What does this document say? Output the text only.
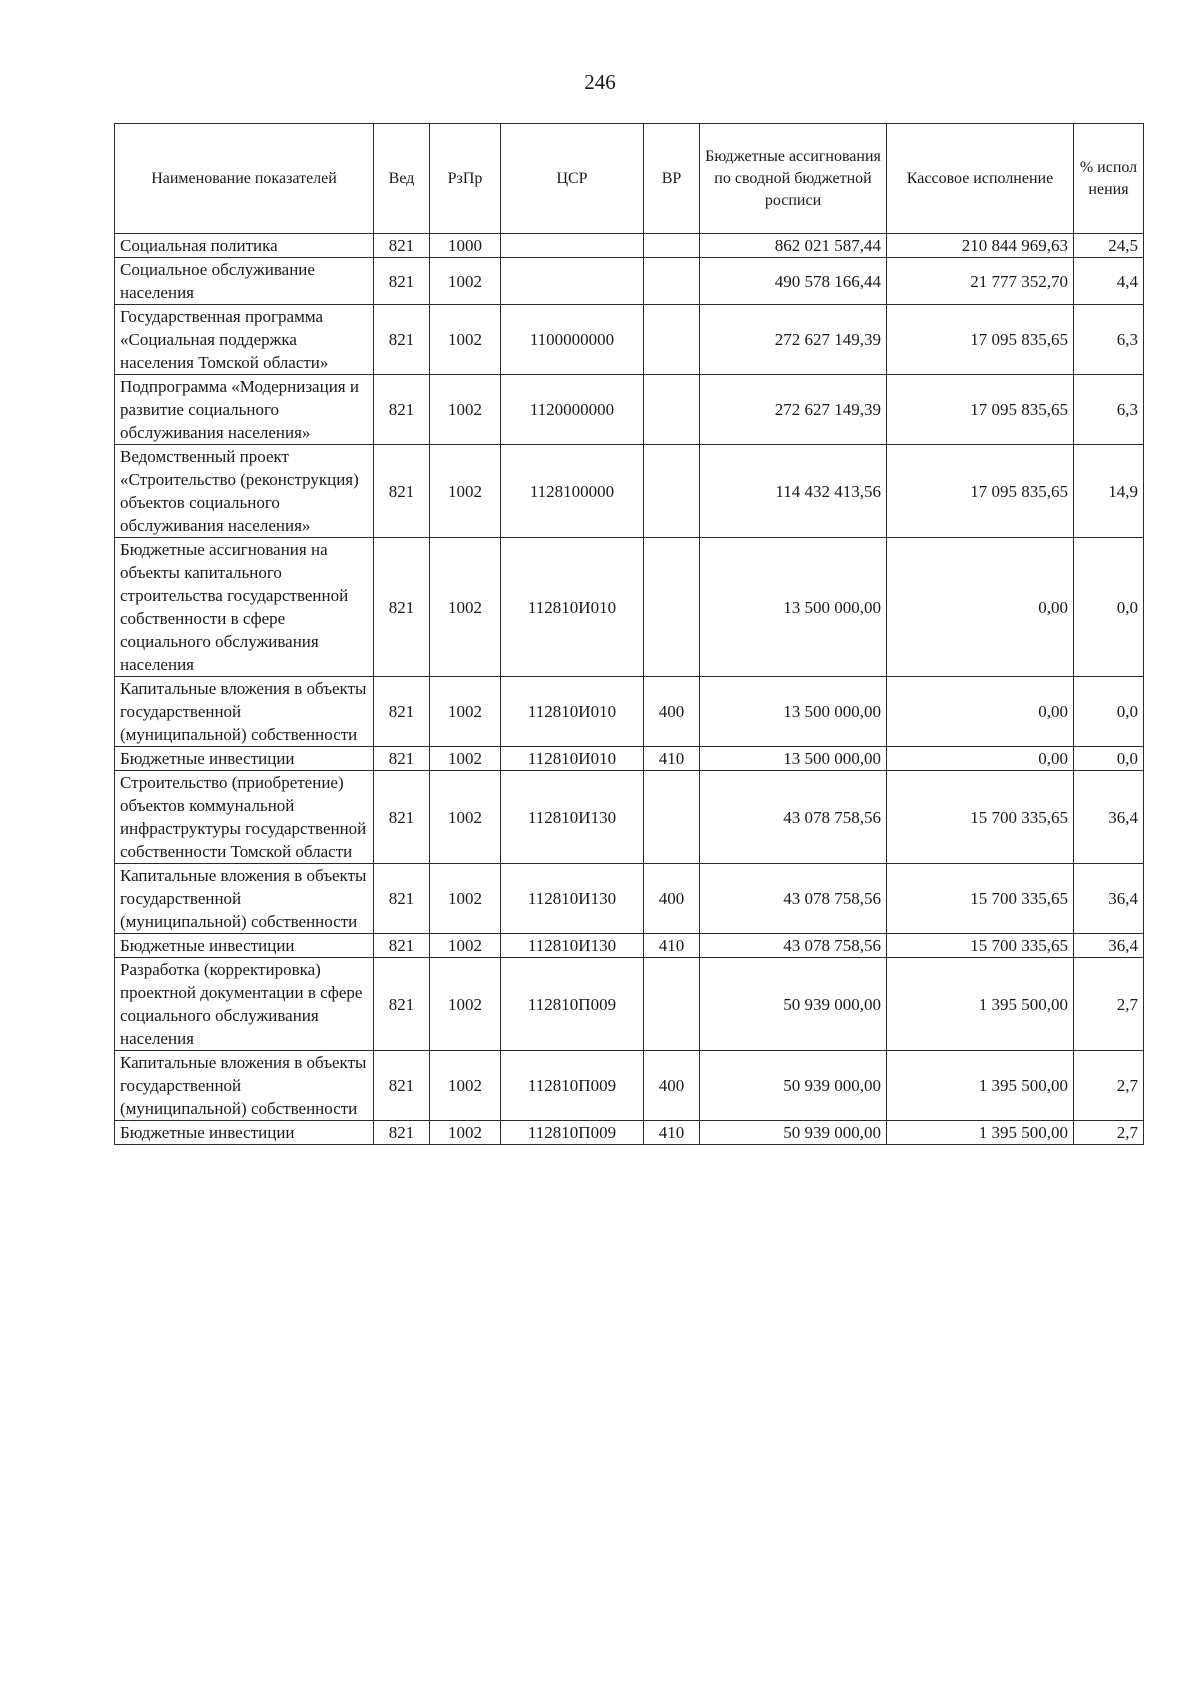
246
Наименование показателей	Вед	РзПр	ЦСР	ВР	Бюджетные ассигнования по сводной бюджетной росписи	Кассовое исполнение	% испол нения
Социальная политика	821	1000			862 021 587,44	210 844 969,63	24,5
Социальное обслуживание населения	821	1002			490 578 166,44	21 777 352,70	4,4
Государственная программа «Социальная поддержка населения Томской области»	821	1002	1100000000		272 627 149,39	17 095 835,65	6,3
Подпрограмма «Модернизация и развитие социального обслуживания населения»	821	1002	1120000000		272 627 149,39	17 095 835,65	6,3
Ведомственный проект «Строительство (реконструкция) объектов социального обслуживания населения»	821	1002	1128100000		114 432 413,56	17 095 835,65	14,9
Бюджетные ассигнования на объекты капитального строительства государственной собственности в сфере социального обслуживания населения	821	1002	112810И010		13 500 000,00	0,00	0,0
Капитальные вложения в объекты государственной (муниципальной) собственности	821	1002	112810И010	400	13 500 000,00	0,00	0,0
Бюджетные инвестиции	821	1002	112810И010	410	13 500 000,00	0,00	0,0
Строительство (приобретение) объектов коммунальной инфраструктуры государственной собственности Томской области	821	1002	112810И130		43 078 758,56	15 700 335,65	36,4
Капитальные вложения в объекты государственной (муниципальной) собственности	821	1002	112810И130	400	43 078 758,56	15 700 335,65	36,4
Бюджетные инвестиции	821	1002	112810И130	410	43 078 758,56	15 700 335,65	36,4
Разработка (корректировка) проектной документации в сфере социального обслуживания населения	821	1002	112810П009		50 939 000,00	1 395 500,00	2,7
Капитальные вложения в объекты государственной (муниципальной) собственности	821	1002	112810П009	400	50 939 000,00	1 395 500,00	2,7
Бюджетные инвестиции	821	1002	112810П009	410	50 939 000,00	1 395 500,00	2,7
